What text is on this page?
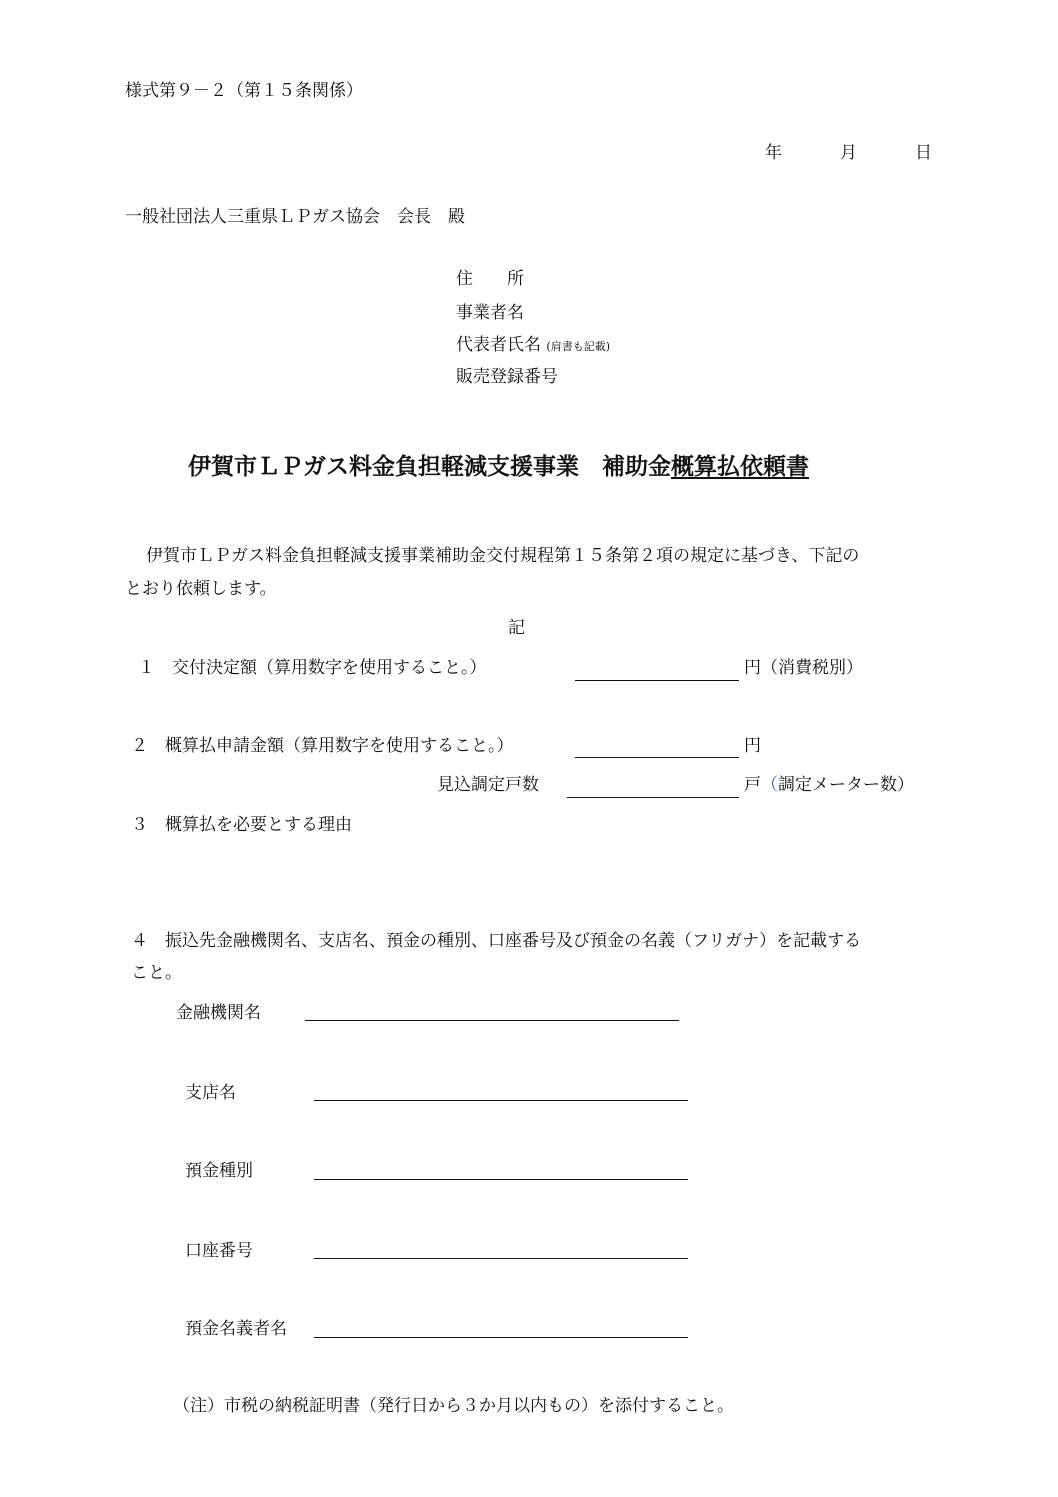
様式第９－２（第１５条関係）
年	月	日
一般社団法人三重県ＬＰガス協会　会長　殿
住　　所
事業者名
代表者氏名 (肩書も記載)
販売登録番号
伊賀市ＬＰガス料金負担軽減支援事業　補助金概算払依頼書
伊賀市ＬＰガス料金負担軽減支援事業補助金交付規程第１５条第２項の規定に基づき、下記の
とおり依頼します。
記
１　交付決定額（算用数字を使用すること。）	円（消費税別）
２　概算払申請金額（算用数字を使用すること。）	円
見込調定戸数	戸（調定メーター数）
３　概算払を必要とする理由
４　振込先金融機関名、支店名、預金の種別、口座番号及び預金の名義（フリガナ）を記載する
こと。
金融機関名
支店名
預金種別
口座番号
預金名義者名
（注）市税の納税証明書（発行日から３か月以内もの）を添付すること。
